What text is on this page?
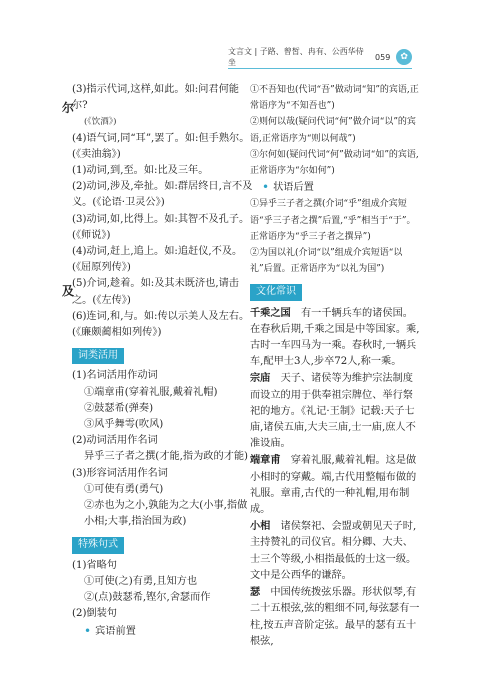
文言文 | 子路、曾皙、冉有、公西华侍坐
059	✿
尔
(3)指示代词,这样,如此。如:问君何能尔?
(《饮酒》)
(4)语气词,同“耳”,罢了。如:但手熟尔。(《卖油翁》)
及
(1)动词,到,至。如:比及三年。
(2)动词,涉及,牵扯。如:群居终日,言不及义。(《论语·卫灵公》)
(3)动词,如,比得上。如:其智不及孔子。(《师说》)
(4)动词,赶上,追上。如:追赶仪,不及。(《屈原列传》)
(5)介词,趁着。如:及其未既济也,请击之。(《左传》)
(6)连词,和,与。如:传以示美人及左右。(《廉颇蔺相如列传》)
词类活用
(1)名词活用作动词
①端章甫(穿着礼服,戴着礼帽)
②鼓瑟希(弹奏)
③风乎舞雩(吹风)
(2)动词活用作名词
异乎三子者之撰(才能,指为政的才能)
(3)形容词活用作名词
①可使有勇(勇气)
②赤也为之小,孰能为之大(小事,指做小相;大事,指治国为政)
特殊句式
(1)省略句
①可使(之)有勇,且知方也
②(点)鼓瑟希,铿尔,舍瑟而作
(2)倒装句
• 宾语前置
①不吾知也(代词“吾”做动词“知”的宾语,正常语序为“不知吾也”)
②则何以哉(疑问代词“何”做介词“以”的宾语,正常语序为“则以何哉”)
③尔何如(疑问代词“何”做动词“如”的宾语,正常语序为“尔如何”)
• 状语后置
①异乎三子者之撰(介词“乎”组成介宾短语“乎三子者之撰”后置,“乎”相当于“于”。正常语序为“乎三子者之撰异”)
②为国以礼(介词“以”组成介宾短语“以礼”后置。正常语序为“以礼为国”)
文化常识

千乘之国　有一千辆兵车的诸侯国。在春秋后期,千乘之国是中等国家。乘,古时一车四马为一乘。春秋时,一辆兵车,配甲士3人,步卒72人,称一乘。

宗庙　天子、诸侯等为维护宗法制度而设立的用于供奉祖宗牌位、举行祭祀的地方。《礼记·王制》记载:天子七庙,诸侯五庙,大夫三庙,士一庙,庶人不准设庙。

端章甫　穿着礼服,戴着礼帽。这是做小相时的穿戴。端,古代用整幅布做的礼服。章甫,古代的一种礼帽,用布制成。

小相　诸侯祭祀、会盟或朝见天子时,主持赞礼的司仪官。相分卿、大夫、士三个等级,小相指最低的士这一级。文中是公西华的谦辞。

瑟　中国传统拨弦乐器。形状似琴,有二十五根弦,弦的粗细不同,每弦瑟有一柱,按五声音阶定弦。最早的瑟有五十根弦,
